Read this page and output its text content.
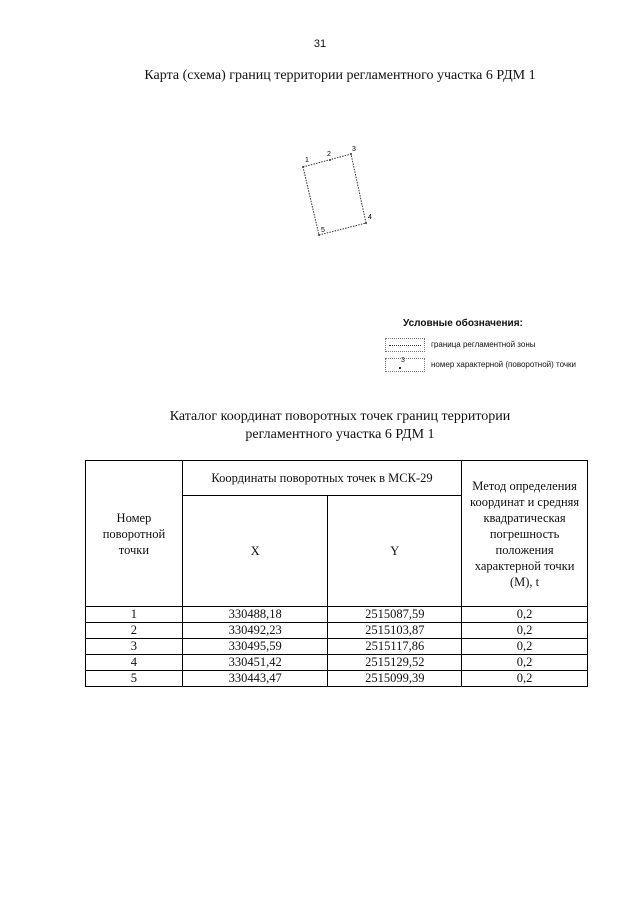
31
Карта (схема) границ территории регламентного участка 6 РДМ 1
1
2
3
4
5
Условные обозначения:
граница регламентной зоны
3	номер характерной (поворотной) точки
Каталог координат поворотных точек границ территории
регламентного участка 6 РДМ 1
Номер поворотной точки	Координаты поворотных точек в МСК-29		Метод определения координат и средняя квадратическая погрешность положения характерной точки (М), t
	X	Y	
1	330488,18	2515087,59	0,2
2	330492,23	2515103,87	0,2
3	330495,59	2515117,86	0,2
4	330451,42	2515129,52	0,2
5	330443,47	2515099,39	0,2
